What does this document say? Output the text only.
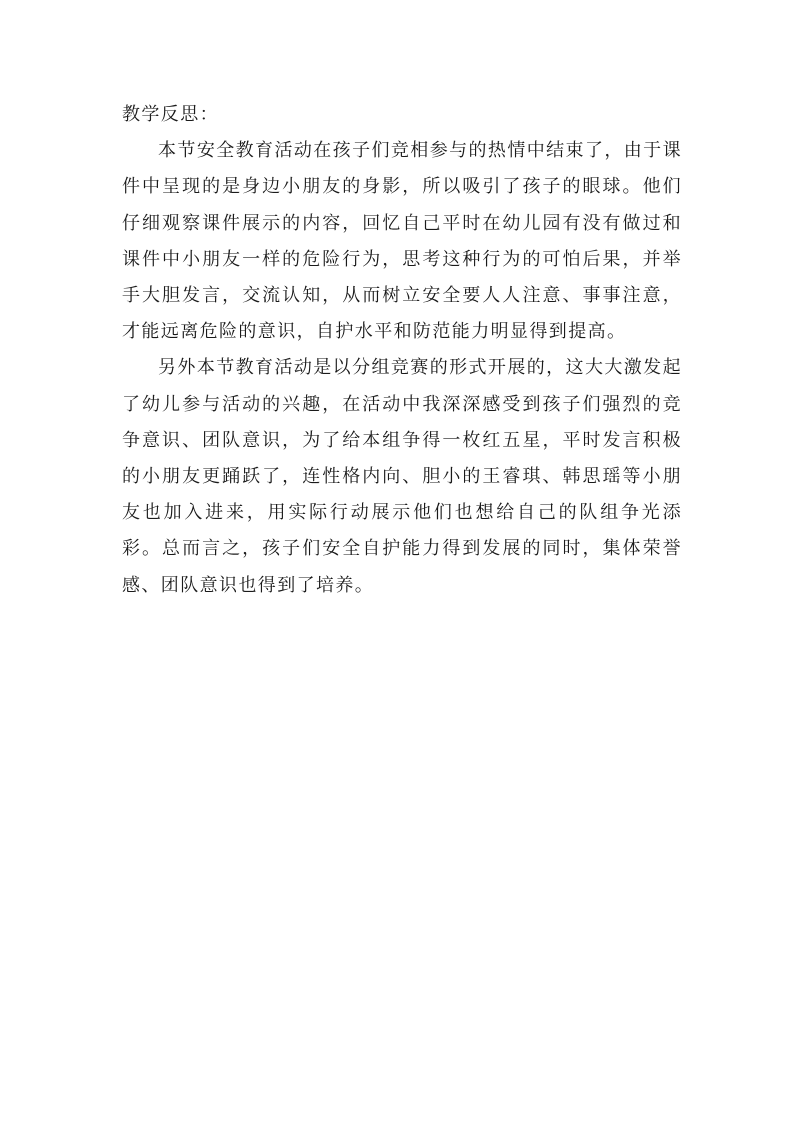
教学反思：

本节安全教育活动在孩子们竞相参与的热情中结束了，由于课件中呈现的是身边小朋友的身影，所以吸引了孩子的眼球。他们仔细观察课件展示的内容，回忆自己平时在幼儿园有没有做过和课件中小朋友一样的危险行为，思考这种行为的可怕后果，并举手大胆发言，交流认知，从而树立安全要人人注意、事事注意，才能远离危险的意识，自护水平和防范能力明显得到提高。

另外本节教育活动是以分组竞赛的形式开展的，这大大激发起了幼儿参与活动的兴趣，在活动中我深深感受到孩子们强烈的竞争意识、团队意识，为了给本组争得一枚红五星，平时发言积极的小朋友更踊跃了，连性格内向、胆小的王睿琪、韩思瑶等小朋友也加入进来，用实际行动展示他们也想给自己的队组争光添彩。总而言之，孩子们安全自护能力得到发展的同时，集体荣誉感、团队意识也得到了培养。
